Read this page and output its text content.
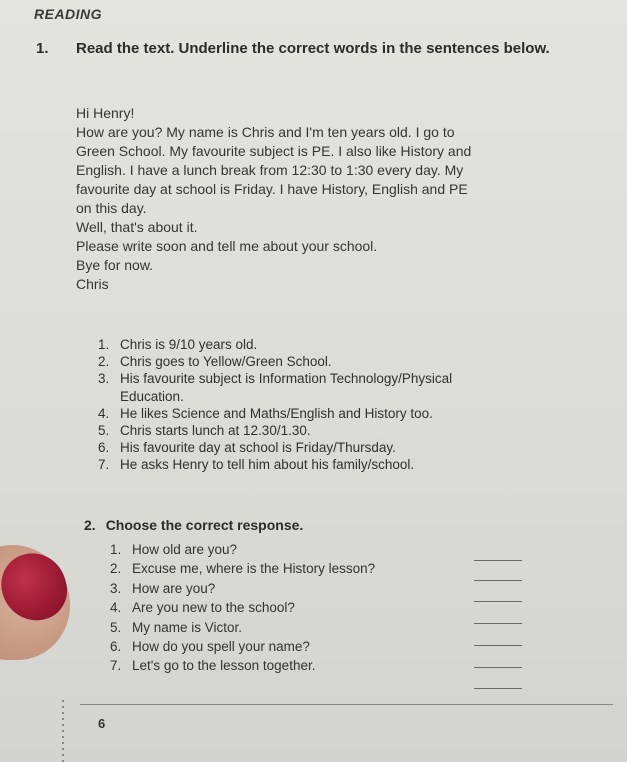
READING
1. Read the text. Underline the correct words in the sentences below.

Hi Henry!

How are you? My name is Chris and I'm ten years old. I go to

Green School. My favourite subject is PE. I also like History and

English. I have a lunch break from 12:30 to 1:30 every day. My

favourite day at school is Friday. I have History, English and PE

on this day.

Well, that's about it.

Please write soon and tell me about your school.

Bye for now.

Chris

1. Chris is 9/10 years old.
2. Chris goes to Yellow/Green School.
3. His favourite subject is Information Technology/Physical
Education.
4. He likes Science and Maths/English and History too.
5. Chris starts lunch at 12.30/1.30.
6. His favourite day at school is Friday/Thursday.
7. He asks Henry to tell him about his family/school.
2. Choose the correct response.
1. How old are you?
2. Excuse me, where is the History lesson?
3. How are you?
4. Are you new to the school?
5. My name is Victor.
6. How do you spell your name?
7. Let's go to the lesson together.
6
